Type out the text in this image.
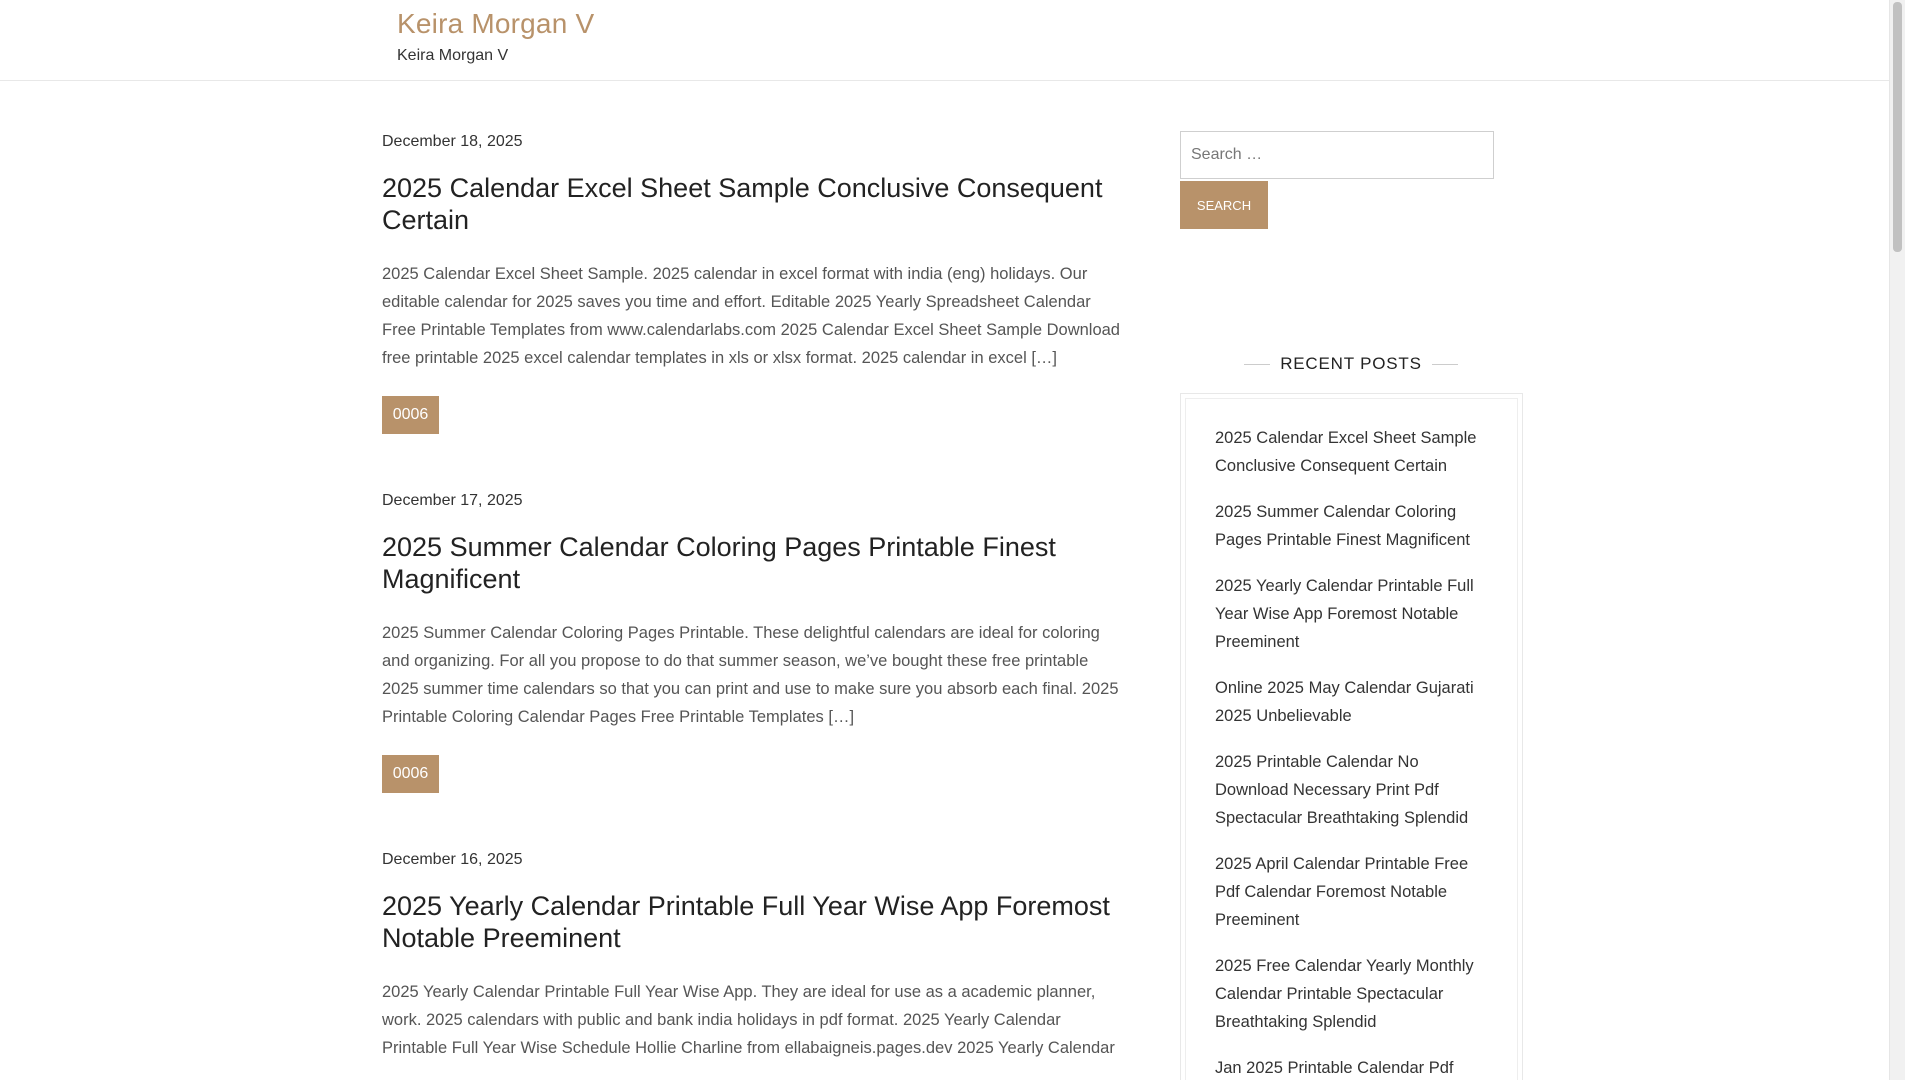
Keira Morgan V
Keira Morgan V
December 18, 2025
2025 Calendar Excel Sheet Sample Conclusive Consequent Certain

2025 Calendar Excel Sheet Sample. 2025 calendar in excel format with india (eng) holidays. Our editable calendar for 2025 saves you time and effort. Editable 2025 Yearly Spreadsheet Calendar Free Printable Templates from www.calendarlabs.com 2025 Calendar Excel Sheet Sample Download free printable 2025 excel calendar templates in xls or xlsx format. 2025 calendar in excel […]

0006
December 17, 2025
2025 Summer Calendar Coloring Pages Printable Finest Magnificent

2025 Summer Calendar Coloring Pages Printable. These delightful calendars are ideal for coloring and organizing. For all you propose to do that summer season, we’ve bought these free printable 2025 summer time calendars so that you can print and use to make sure you absorb each final. 2025 Printable Coloring Calendar Pages Free Printable Templates […]

0006
December 16, 2025
2025 Yearly Calendar Printable Full Year Wise App Foremost Notable Preeminent

2025 Yearly Calendar Printable Full Year Wise App. They are ideal for use as a academic planner, work. 2025 calendars with public and bank india holidays in pdf format. 2025 Yearly Calendar Printable Full Year Wise Schedule Hollie Charline from ellabaigneis.pages.dev 2025 Yearly Calendar

Search …
SEARCH
RECENT POSTS
2025 Calendar Excel Sheet Sample Conclusive Consequent Certain
2025 Summer Calendar Coloring Pages Printable Finest Magnificent
2025 Yearly Calendar Printable Full Year Wise App Foremost Notable Preeminent
Online 2025 May Calendar Gujarati 2025 Unbelievable
2025 Printable Calendar No Download Necessary Print Pdf Spectacular Breathtaking Splendid
2025 April Calendar Printable Free Pdf Calendar Foremost Notable Preeminent
2025 Free Calendar Yearly Monthly Calendar Printable Spectacular Breathtaking Splendid
Jan 2025 Printable Calendar Pdf
